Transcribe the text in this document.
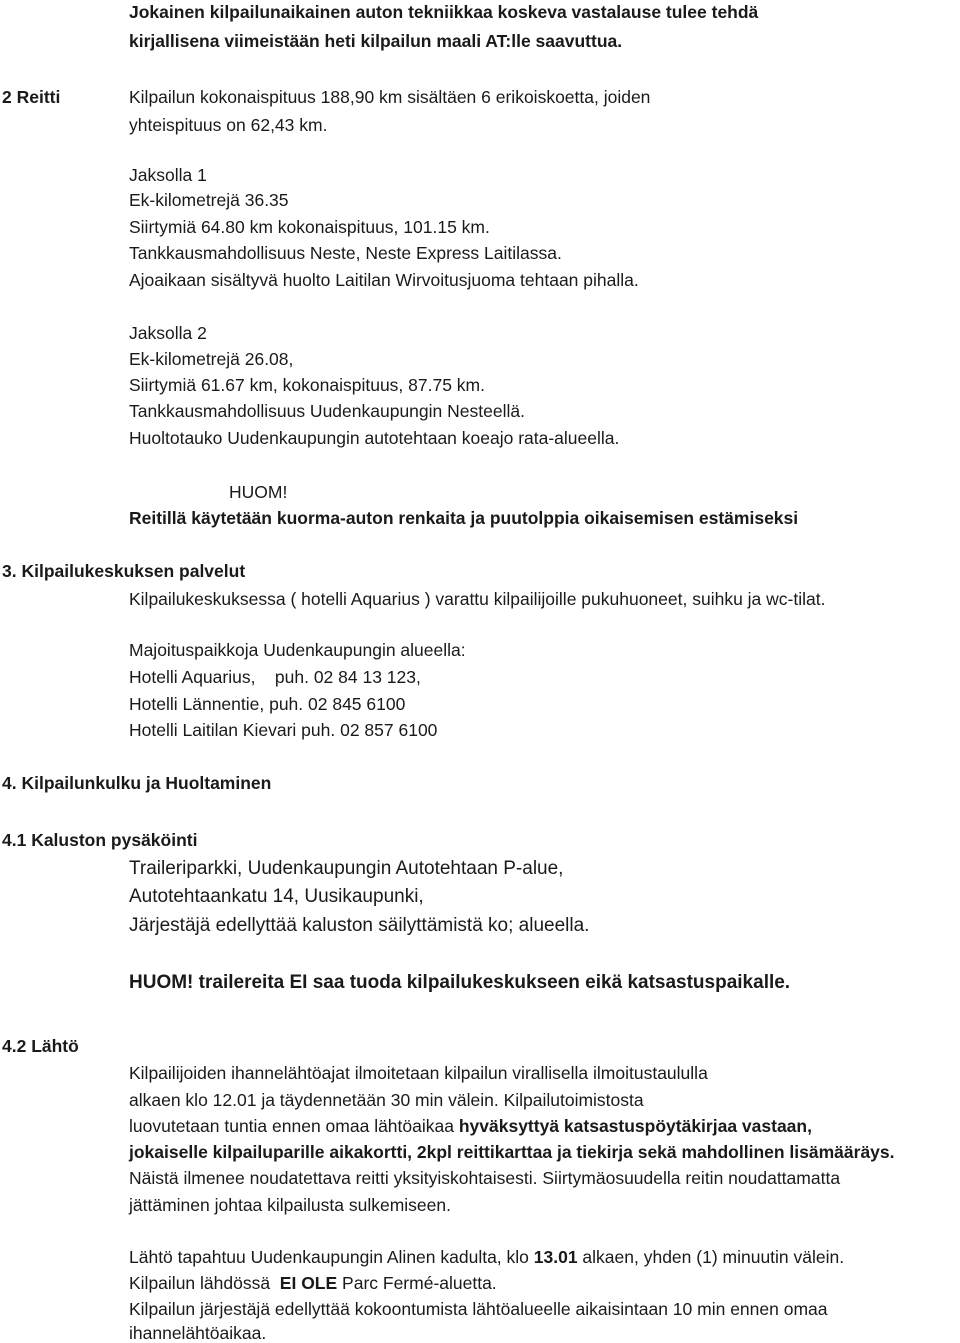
Jokainen kilpailunaikainen auton tekniikkaa koskeva vastalause tulee tehdä
kirjallisena viimeistään heti kilpailun maali AT:lle saavuttua.
2 Reitti	Kilpailun kokonaispituus 188,90 km sisältäen 6 erikoiskoetta, joiden
yhteispituus on 62,43 km.
Jaksolla 1
Ek-kilometrejä 36.35
Siirtymiä 64.80 km kokonaispituus, 101.15 km.
Tankkausmahdollisuus Neste, Neste Express Laitilassa.
Ajoaikaan sisältyvä huolto Laitilan Wirvoitusjuoma tehtaan pihalla.
Jaksolla 2
Ek-kilometrejä 26.08,
Siirtymiä 61.67 km, kokonaispituus, 87.75 km.
Tankkausmahdollisuus Uudenkaupungin Nesteellä.
Huoltotauko Uudenkaupungin autotehtaan koeajo rata-alueella.
HUOM!
Reitillä käytetään kuorma-auton renkaita ja puutolppia oikaisemisen estämiseksi
3. Kilpailukeskuksen palvelut
Kilpailukeskuksessa ( hotelli Aquarius ) varattu kilpailijoille pukuhuoneet, suihku ja wc-tilat.
Majoituspaikkoja Uudenkaupungin alueella:
Hotelli Aquarius,    puh. 02 84 13 123,
Hotelli Lännentie, puh. 02 845 6100
Hotelli Laitilan Kievari puh. 02 857 6100
4. Kilpailunkulku ja Huoltaminen
4.1 Kaluston pysäköinti
Traileriparkki, Uudenkaupungin Autotehtaan P-alue,
Autotehtaankatu 14, Uusikaupunki,
Järjestäjä edellyttää kaluston säilyttämistä ko; alueella.
HUOM! trailereita EI saa tuoda kilpailukeskukseen eikä katsastuspaikalle.
4.2 Lähtö
Kilpailijoiden ihannelähtöajat ilmoitetaan kilpailun virallisella ilmoitustaululla
alkaen klo 12.01 ja täydennetään 30 min välein. Kilpailutoimistosta
luovutetaan tuntia ennen omaa lähtöaikaa hyväksyttyä katsastuspöytäkirjaa vastaan,
jokaiselle kilpailuparille aikakortti, 2kpl reittikarttaa ja tiekirja sekä mahdollinen lisämääräys.
Näistä ilmenee noudatettava reitti yksityiskohtaisesti. Siirtymäosuudella reitin noudattamatta
jättäminen johtaa kilpailusta sulkemiseen.
Lähtö tapahtuu Uudenkaupungin Alinen kadulta, klo 13.01 alkaen, yhden (1) minuutin välein.
Kilpailun lähdössä  EI OLE Parc Fermé-aluetta.
Kilpailun järjestäjä edellyttää kokoontumista lähtöalueelle aikaisintaan 10 min ennen omaa
ihannelähtöaikaa.
